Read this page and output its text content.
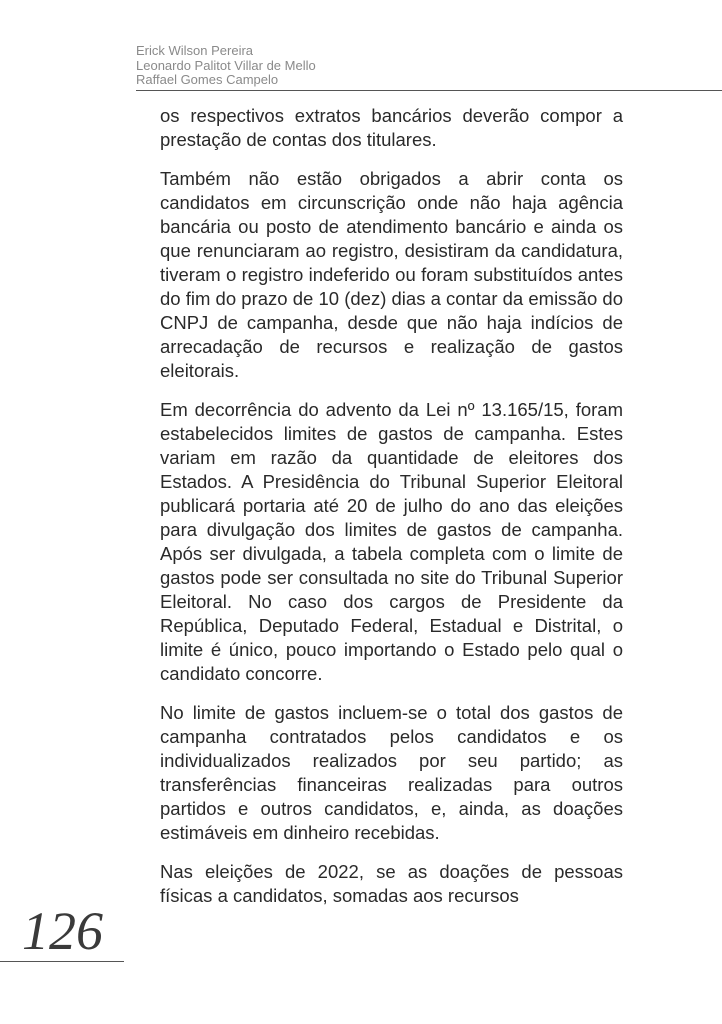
Erick Wilson Pereira
Leonardo Palitot Villar de Mello
Raffael Gomes Campelo

os respectivos extratos bancários deverão compor a prestação de contas dos titulares.

Também não estão obrigados a abrir conta os candidatos em circunscrição onde não haja agência bancária ou posto de atendimento bancário e ainda os que renunciaram ao registro, desistiram da candidatura, tiveram o registro indeferido ou foram substituídos antes do fim do prazo de 10 (dez) dias a contar da emissão do CNPJ de campanha, desde que não haja indícios de arrecadação de recursos e realização de gastos eleitorais.

Em decorrência do advento da Lei nº 13.165/15, foram estabelecidos limites de gastos de campanha. Estes variam em razão da quantidade de eleitores dos Estados. A Presidência do Tribunal Superior Eleitoral publicará portaria até 20 de julho do ano das eleições para divulgação dos limites de gastos de campanha. Após ser divulgada, a tabela completa com o limite de gastos pode ser consultada no site do Tribunal Superior Eleitoral. No caso dos cargos de Presidente da República, Deputado Federal, Estadual e Distrital, o limite é único, pouco importando o Estado pelo qual o candidato concorre.

No limite de gastos incluem-se o total dos gastos de campanha contratados pelos candidatos e os individualizados realizados por seu partido; as transferências financeiras realizadas para outros partidos e outros candidatos, e, ainda, as doações estimáveis em dinheiro recebidas.

Nas eleições de 2022, se as doações de pessoas físicas a candidatos, somadas aos recursos

126
